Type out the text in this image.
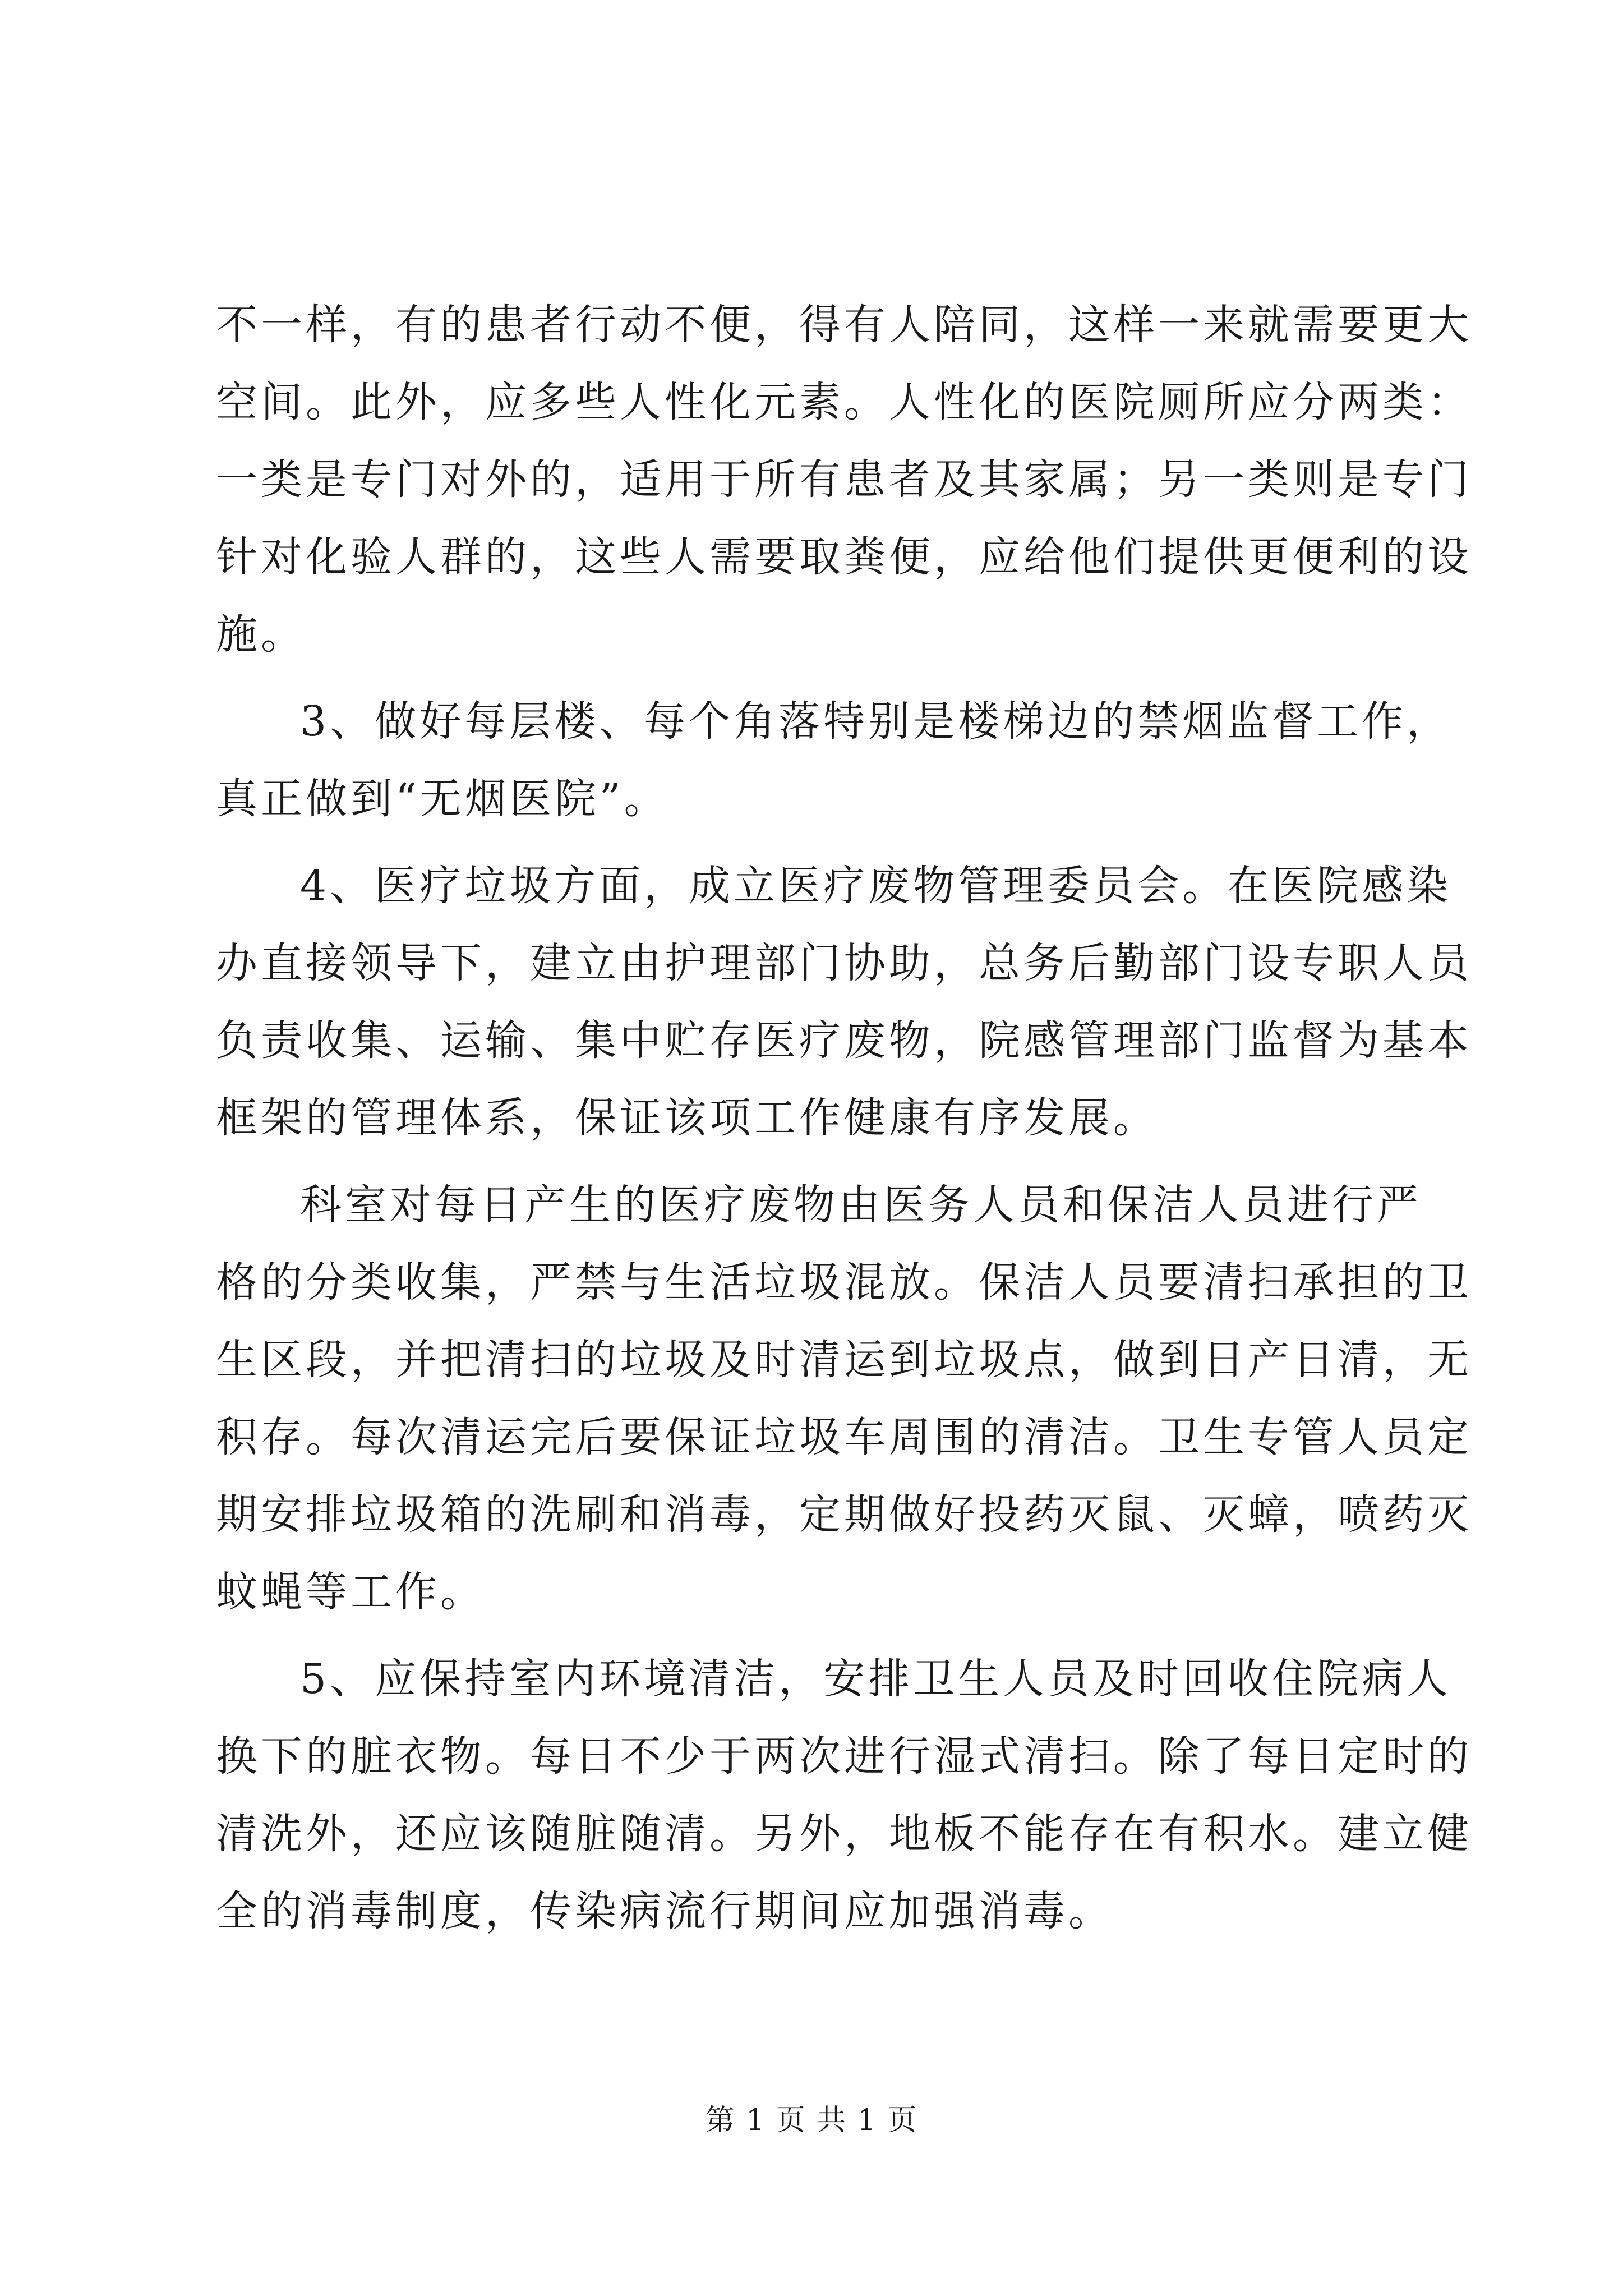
不一样，有的患者行动不便，得有人陪同，这样一来就需要更大
空间。此外，应多些人性化元素。人性化的医院厕所应分两类：
一类是专门对外的，适用于所有患者及其家属；另一类则是专门
针对化验人群的，这些人需要取粪便，应给他们提供更便利的设
施。
3、做好每层楼、每个角落特别是楼梯边的禁烟监督工作，
真正做到“无烟医院”。
4、医疗垃圾方面，成立医疗废物管理委员会。在医院感染
办直接领导下，建立由护理部门协助，总务后勤部门设专职人员
负责收集、运输、集中贮存医疗废物，院感管理部门监督为基本
框架的管理体系，保证该项工作健康有序发展。
科室对每日产生的医疗废物由医务人员和保洁人员进行严
格的分类收集，严禁与生活垃圾混放。保洁人员要清扫承担的卫
生区段，并把清扫的垃圾及时清运到垃圾点，做到日产日清，无
积存。每次清运完后要保证垃圾车周围的清洁。卫生专管人员定
期安排垃圾箱的洗刷和消毒，定期做好投药灭鼠、灭蟑，喷药灭
蚊蝇等工作。
5、应保持室内环境清洁，安排卫生人员及时回收住院病人
换下的脏衣物。每日不少于两次进行湿式清扫。除了每日定时的
清洗外，还应该随脏随清。另外，地板不能存在有积水。建立健
全的消毒制度，传染病流行期间应加强消毒。
第 1 页 共 1 页
